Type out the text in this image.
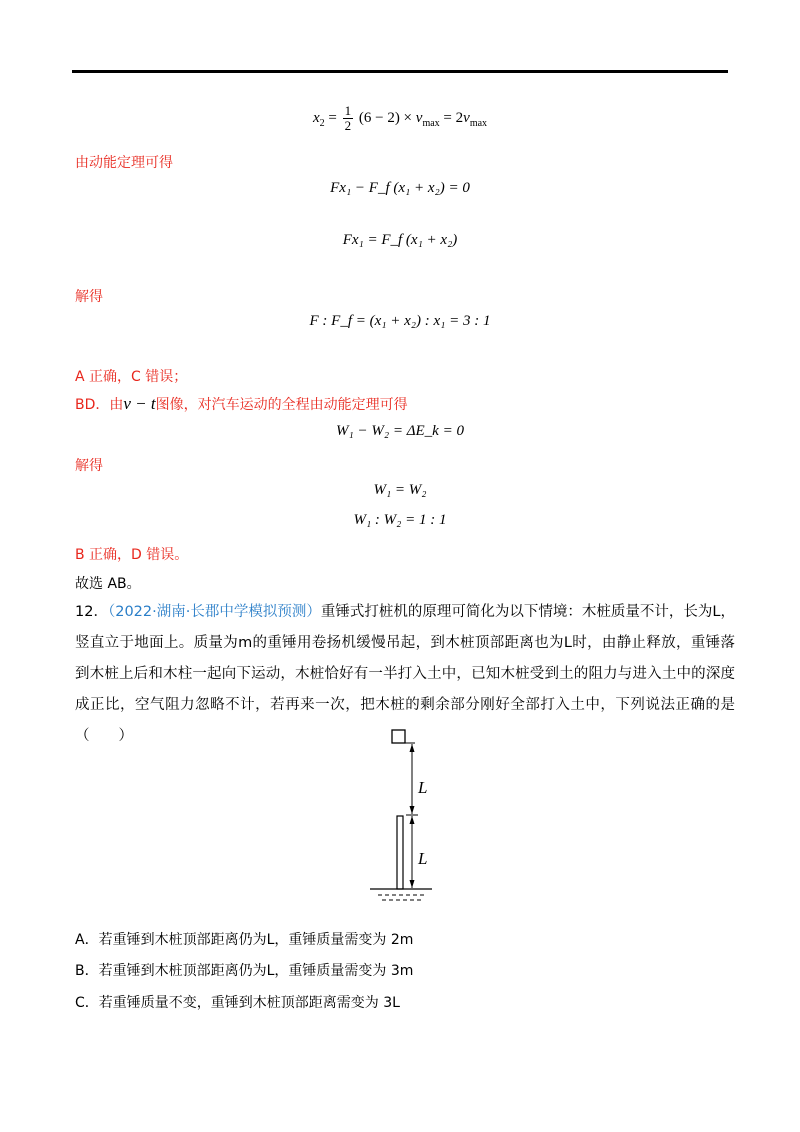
$x_2 = \frac{1}{2} (6 - 2) \times v_{max} = 2v_{max}$
由动能定理可得
Fx₁ − F_f (x₁ + x₂) = 0
Fx₁ = F_f (x₁ + x₂)
解得
F : F_f = (x₁ + x₂) : x₁ = 3 : 1
A 正确，C 错误；
BD．由v − t图像，对汽车运动的全程由动能定理可得
W₁ − W₂ = ΔE_k = 0
解得
W₁ = W₂
W₁ : W₂ = 1 : 1
B 正确，D 错误。
故选 AB。
12．（2022·湖南·长郡中学模拟预测）重锤式打桩机的原理可简化为以下情境：木桩质量不计，长为L，竖直立于地面上。质量为m的重锤用卷扬机缓慢吊起，到木桩顶部距离也为L时，由静止释放，重锤落到木桩上后和木柱一起向下运动，木桩恰好有一半打入土中，已知木桩受到土的阻力与进入土中的深度成正比，空气阻力忽略不计，若再来一次，把木桩的剩余部分刚好全部打入土中，下列说法正确的是（　　）
L
L
A．若重锤到木桩顶部距离仍为L，重锤质量需变为 2m
B．若重锤到木桩顶部距离仍为L，重锤质量需变为 3m
C．若重锤质量不变，重锤到木桩顶部距离需变为 3L
